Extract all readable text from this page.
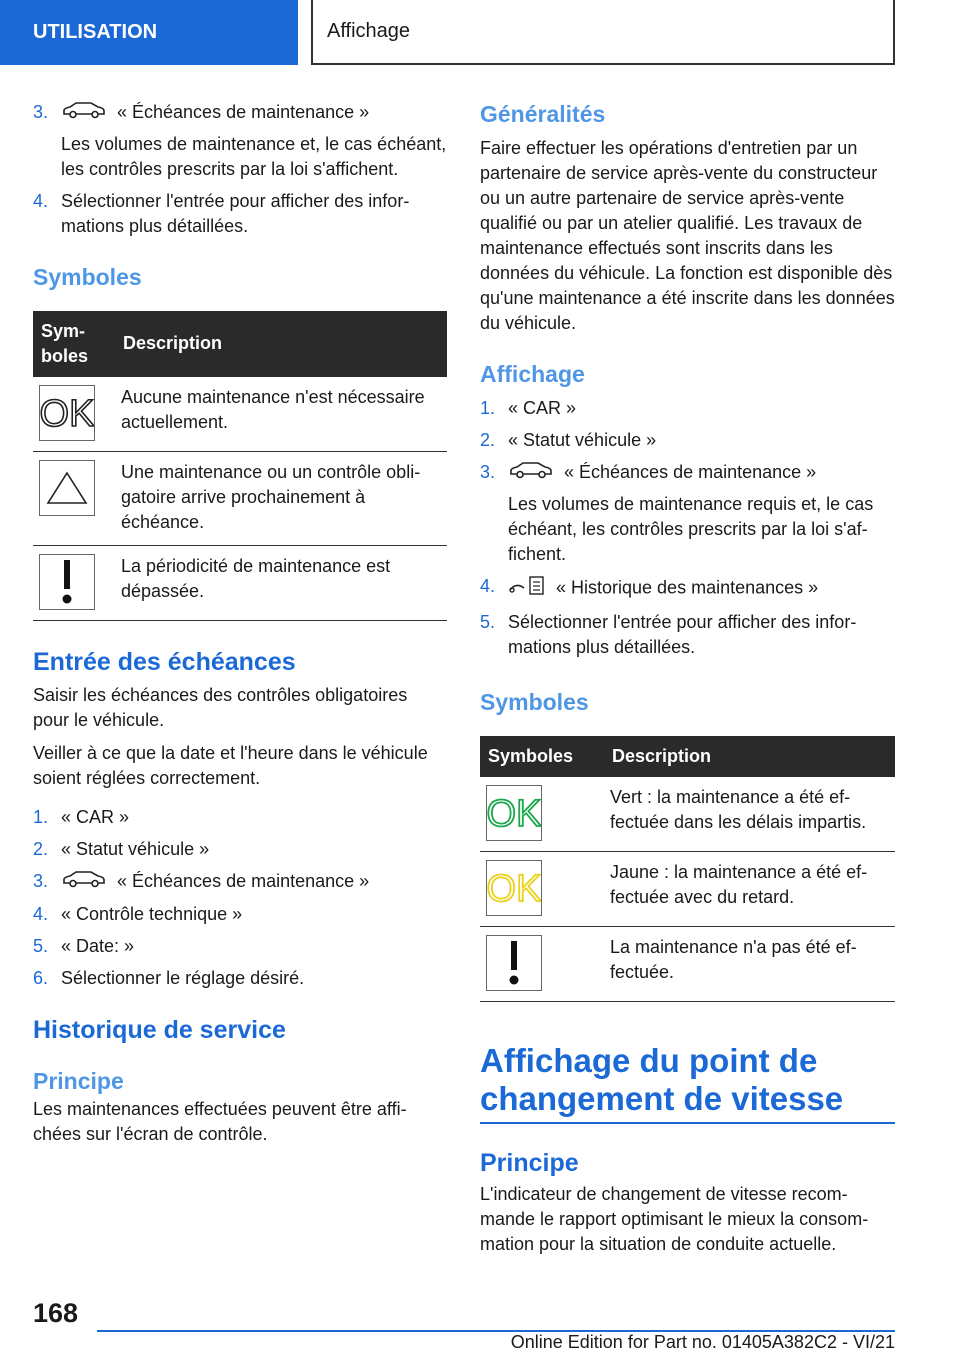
UTILISATION	Affichage
3.	« Échéances de maintenance »

Les volumes de maintenance et, le cas échéant, les contrôles prescrits par la loi s'affichent.

4. Sélectionner l'entrée pour afficher des informations plus détaillées.
Symboles
Symboles	Description

OK	Aucune maintenance n'est nécessaire actuellement.

	Une maintenance ou un contrôle obligatoire arrive prochainement à échéance.

	La périodicité de maintenance est dépassée.
Entrée des échéances

Saisir les échéances des contrôles obligatoires pour le véhicule.

Veiller à ce que la date et l'heure dans le véhicule soient réglées correctement.

1. « CAR »
2. « Statut véhicule »
3.	« Échéances de maintenance »
4. « Contrôle technique »
5. « Date: »
6. Sélectionner le réglage désiré.
Historique de service
Principe

Les maintenances effectuées peuvent être affichées sur l'écran de contrôle.

Généralités

Faire effectuer les opérations d'entretien par un partenaire de service après-vente du constructeur ou un autre partenaire de service après-vente qualifié ou par un atelier qualifié. Les travaux de maintenance effectués sont inscrits dans les données du véhicule. La fonction est disponible dès qu'une maintenance a été inscrite dans les données du véhicule.

Affichage
1. « CAR »
2. « Statut véhicule »
3.	« Échéances de maintenance »

Les volumes de maintenance requis et, le cas échéant, les contrôles prescrits par la loi s'affichent.

4.	« Historique des maintenances »
5. Sélectionner l'entrée pour afficher des informations plus détaillées.
Symboles
Symboles	Description

OK	Vert : la maintenance a été effectuée dans les délais impartis.

OK	Jaune : la maintenance a été effectuée avec du retard.

	La maintenance n'a pas été effectuée.
Affichage du point de changement de vitesse
Principe

L'indicateur de changement de vitesse recommande le rapport optimisant le mieux la consommation pour la situation de conduite actuelle.

168
Online Edition for Part no. 01405A382C2 - VI/21
